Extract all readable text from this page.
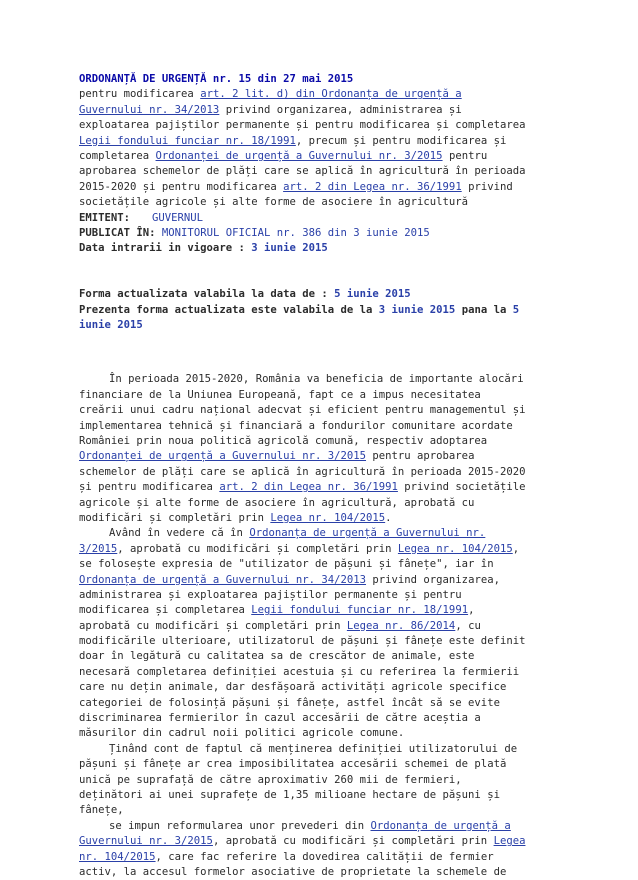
ORDONANȚĂ DE URGENȚĂ nr. 15 din 27 mai 2015
pentru modificarea art. 2 lit. d) din Ordonanța de urgență a
Guvernului nr. 34/2013 privind organizarea, administrarea și
exploatarea pajiștilor permanente și pentru modificarea și completarea
Legii fondului funciar nr. 18/1991, precum și pentru modificarea și
completarea Ordonanței de urgență a Guvernului nr. 3/2015 pentru
aprobarea schemelor de plăți care se aplică în agricultură în perioada
2015-2020 și pentru modificarea art. 2 din Legea nr. 36/1991 privind
societățile agricole și alte forme de asociere în agricultură
EMITENT: GUVERNUL
PUBLICAT ÎN: MONITORUL OFICIAL nr. 386 din 3 iunie 2015
Data intrarii in vigoare : 3 iunie 2015
Forma actualizata valabila la data de : 5 iunie 2015
Prezenta forma actualizata este valabila de la 3 iunie 2015 pana la 5
iunie 2015
În perioada 2015-2020, România va beneficia de importante alocări
financiare de la Uniunea Europeană, fapt ce a impus necesitatea
creării unui cadru național adecvat și eficient pentru managementul și
implementarea tehnică și financiară a fondurilor comunitare acordate
României prin noua politică agricolă comună, respectiv adoptarea
Ordonanței de urgență a Guvernului nr. 3/2015 pentru aprobarea
schemelor de plăți care se aplică în agricultură în perioada 2015-2020
și pentru modificarea art. 2 din Legea nr. 36/1991 privind societățile
agricole și alte forme de asociere în agricultură, aprobată cu
modificări și completări prin Legea nr. 104/2015.
Având în vedere că în Ordonanța de urgență a Guvernului nr.
3/2015, aprobată cu modificări și completări prin Legea nr. 104/2015,
se folosește expresia de "utilizator de pășuni și fânețe", iar în
Ordonanța de urgență a Guvernului nr. 34/2013 privind organizarea,
administrarea și exploatarea pajiștilor permanente și pentru
modificarea și completarea Legii fondului funciar nr. 18/1991,
aprobată cu modificări și completări prin Legea nr. 86/2014, cu
modificările ulterioare, utilizatorul de pășuni și fânețe este definit
doar în legătură cu calitatea sa de crescător de animale, este
necesară completarea definiției acestuia și cu referirea la fermierii
care nu dețin animale, dar desfășoară activități agricole specifice
categoriei de folosință pășuni și fânețe, astfel încât să se evite
discriminarea fermierilor în cazul accesării de către aceștia a
măsurilor din cadrul noii politici agricole comune.
Ținând cont de faptul că menținerea definiției utilizatorului de
pășuni și fânețe ar crea imposibilitatea accesării schemei de plată
unică pe suprafață de către aproximativ 260 mii de fermieri,
deținători ai unei suprafețe de 1,35 milioane hectare de pășuni și
fânețe,
se impun reformularea unor prevederi din Ordonanța de urgență a
Guvernului nr. 3/2015, aprobată cu modificări și completări prin Legea
nr. 104/2015, care fac referire la dovedirea calității de fermier
activ, la accesul formelor asociative de proprietate la schemele de
